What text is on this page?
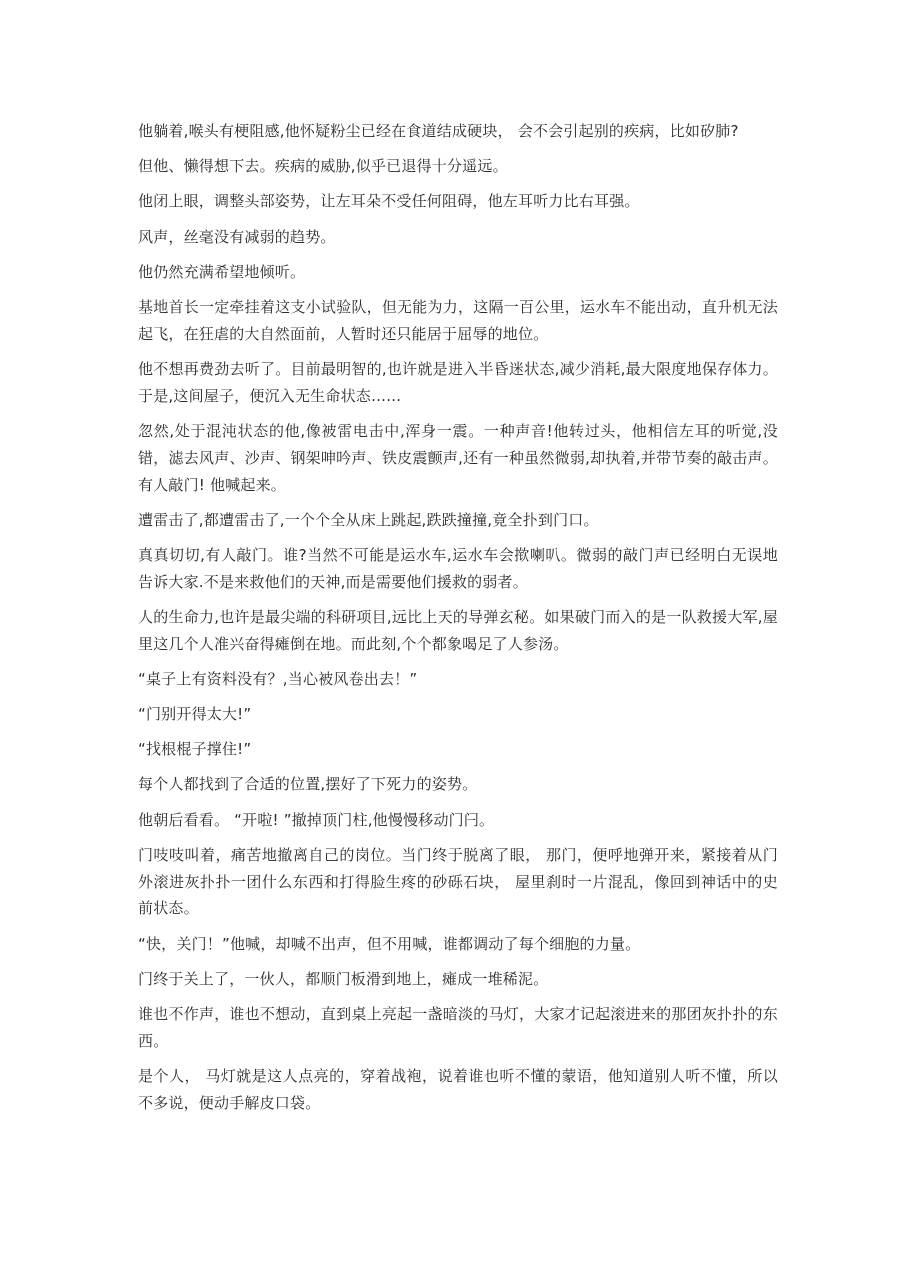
他躺着,喉头有梗阻感,他怀疑粉尘已经在食道结成硬块， 会不会引起别的疾病，比如矽肺?

但他、懒得想下去。疾病的威胁,似乎已退得十分遥远。

他闭上眼，调整头部姿势，让左耳朵不受任何阻碍，他左耳听力比右耳强。

风声，丝毫没有减弱的趋势。

他仍然充满希望地倾听。

基地首长一定牵挂着这支小试验队，但无能为力，这隔一百公里，运水车不能出动，直升机无法起飞，在狂虐的大自然面前，人暂时还只能居于屈辱的地位。

他不想再费劲去听了。目前最明智的,也许就是进入半昏迷状态,减少消耗,最大限度地保存体力。于是,这间屋子，便沉入无生命状态……

忽然,处于混沌状态的他,像被雷电击中,浑身一震。一种声音!他转过头，他相信左耳的听觉,没错，滤去风声、沙声、钢架呻吟声、铁皮震颤声,还有一种虽然微弱,却执着,并带节奏的敲击声。有人敲门! 他喊起来。

遭雷击了,都遭雷击了,一个个全从床上跳起,跌跌撞撞,竟全扑到门口。

真真切切,有人敲门。谁?当然不可能是运水车,运水车会揿喇叭。微弱的敲门声已经明白无误地告诉大家.不是来救他们的天神,而是需要他们援救的弱者。

人的生命力,也许是最尖端的科研项目,远比上天的导弹玄秘。如果破门而入的是一队救援大军,屋里这几个人准兴奋得瘫倒在地。而此刻,个个都象喝足了人参汤。

“桌子上有资料没有？,当心被风卷出去！”

“门别开得太大!”

“找根棍子撑住!”

每个人都找到了合适的位置,摆好了下死力的姿势。

他朝后看看。 “开啦! ”撤掉顶门柱,他慢慢移动门闩。

门吱吱叫着，痛苦地撤离自己的岗位。当门终于脱离了眼， 那门，便呼地弹开来，紧接着从门外滚进灰扑扑一团什么东西和打得脸生疼的砂砾石块， 屋里刹时一片混乱，像回到神话中的史前状态。

“快，关门！”他喊，却喊不出声，但不用喊，谁都调动了每个细胞的力量。

门终于关上了，一伙人，都顺门板滑到地上，瘫成一堆稀泥。

谁也不作声，谁也不想动，直到桌上亮起一盏暗淡的马灯，大家才记起滚进来的那团灰扑扑的东西。

是个人， 马灯就是这人点亮的，穿着战袍，说着谁也听不懂的蒙语，他知道别人听不懂，所以不多说，便动手解皮口袋。
